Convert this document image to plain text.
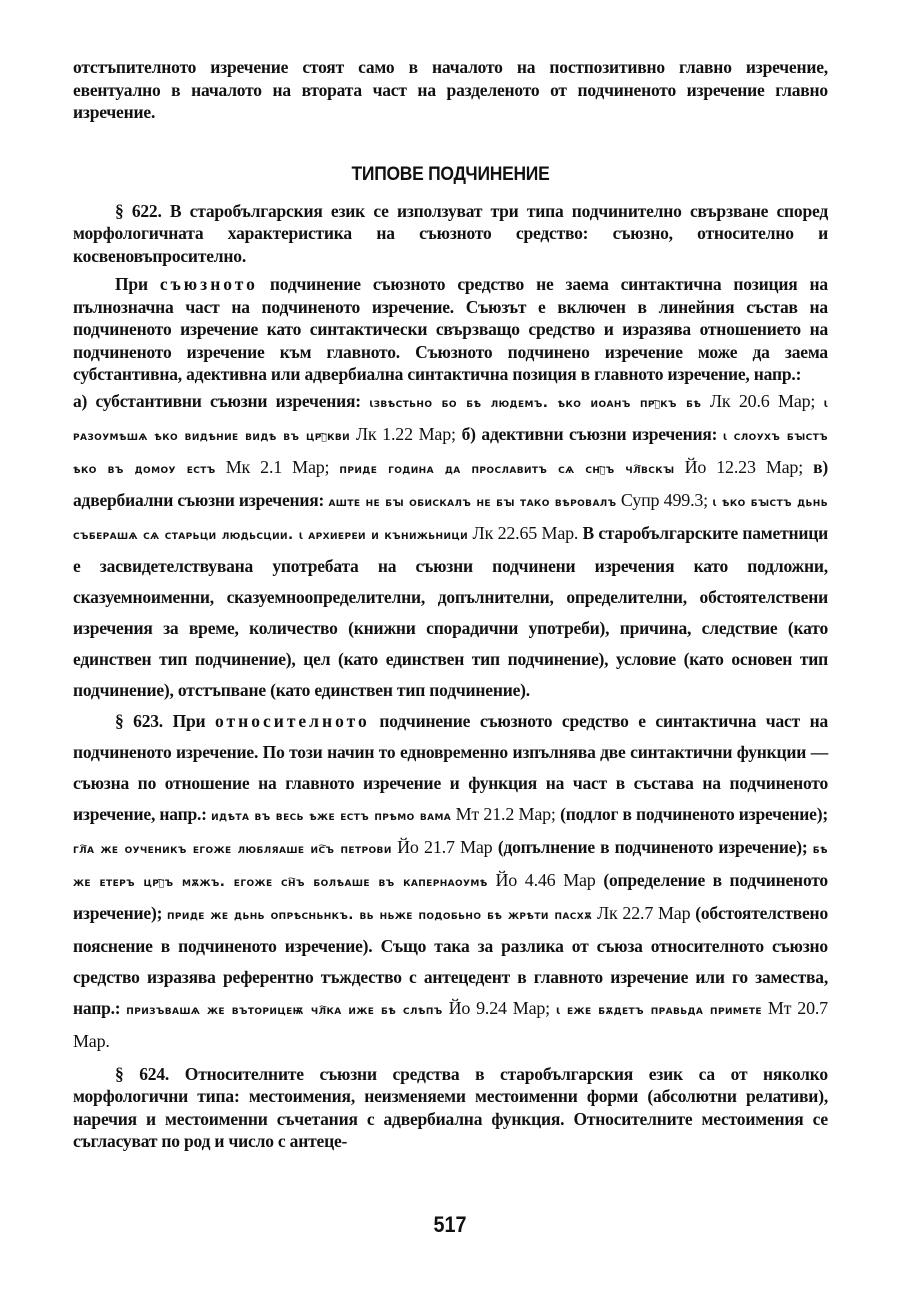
отстъпителното изречение стоят само в началото на постпозитивно главно изречение, евентуално в началото на втората част на разделеното от подчиненото изречение главно изречение.

ТИПОВЕ ПОДЧИНЕНИЕ

§ 622. В старобългарския език се използуват три типа подчинително свързване според морфологичната характеристика на съюзното средство: съюзно, относително и косвеновъпросително.

При съюзното подчинение съюзното средство не заема синтактична позиция на пълнозначна част на подчиненото изречение. Съюзът е включен в линейния състав на подчиненото изречение като синтактически свързващо средство и изразява отношението на подчиненото изречение към главното. Съюзното подчинено изречение може да заема субстантивна, адективна или адвербиална синтактична позиция в главното изречение, напр.:

а) субстантивни съюзни изречения: ꙇзвѣстьно бо бѣ людемъ. ѣко иоанъ прⷪ҇къ бѣ Лк 20.6 Мар; ꙇ разоумѣшѧ ѣко видѣние видѣ въ црⷦ҇кви Лк 1.22 Мар; б) адективни съюзни изречения: ꙇ слоухъ бꙑстъ ѣко въ домоу естъ Мк 2.1 Мар; приде година да прославитъ сѧ снⷪ҇ъ чл҇вскꙑ Йо 12.23 Мар; в) адвербиални съюзни изречения: аште не бꙑ обискалъ не бꙑ тако вѣровалъ Супр 499.3; ꙇ ѣко бꙑстъ дьнь съберашѧ сѧ старьци людьсции. ꙇ архиереи и кънижьници Лк 22.65 Мар. В старобългарските паметници е засвидетелствувана употребата на съюзни подчинени изречения като подложни, сказуемноименни, сказуемноопределителни, допълнителни, определителни, обстоятелствени изречения за време, количество (книжни спорадични употреби), причина, следствие (като единствен тип подчинение), цел (като единствен тип подчинение), условие (като основен тип подчинение), отстъпване (като единствен тип подчинение).

§ 623. При относителното подчинение съюзното средство е синтактична част на подчиненото изречение. По този начин то едновременно изпълнява две синтактични функции — съюзна по отношение на главното изречение и функция на част в състава на подчиненото изречение, напр.: идѣта въ весь ѣже естъ прѣмо вама Мт 21.2 Мар; (подлог в подчиненото изречение); гл҇а же оученикъ егоже любляаше ис҇ъ петрови Йо 21.7 Мар (допълнение в подчиненото изречение); бѣ же етеръ црⷭ҇ъ мѫжъ. егоже сн҇ъ болѣаше въ капернаоумѣ Йо 4.46 Мар (определение в подчиненото изречение); приде же дьнь опрѣсньнкъ. вь ньже подобьно бѣ жрѣти пасхѫ Лк 22.7 Мар (обстоятелствено пояснение в подчиненото изречение). Също така за разлика от съюза относителното съюзно средство изразява референтно тъждество с антецедент в главното изречение или го замества, напр.: призъвашѧ же въторицеѭ чл҇ка иже бѣ слѣпъ Йо 9.24 Мар; ꙇ еже бѫдетъ правьда примете Мт 20.7 Мар.

§ 624. Относителните съюзни средства в старобългарския език са от няколко морфологични типа: местоимения, неизменяеми местоименни форми (абсолютни релативи), наречия и местоименни съчетания с адвербиална функция. Относителните местоимения се съгласуват по род и число с антеце-

517
